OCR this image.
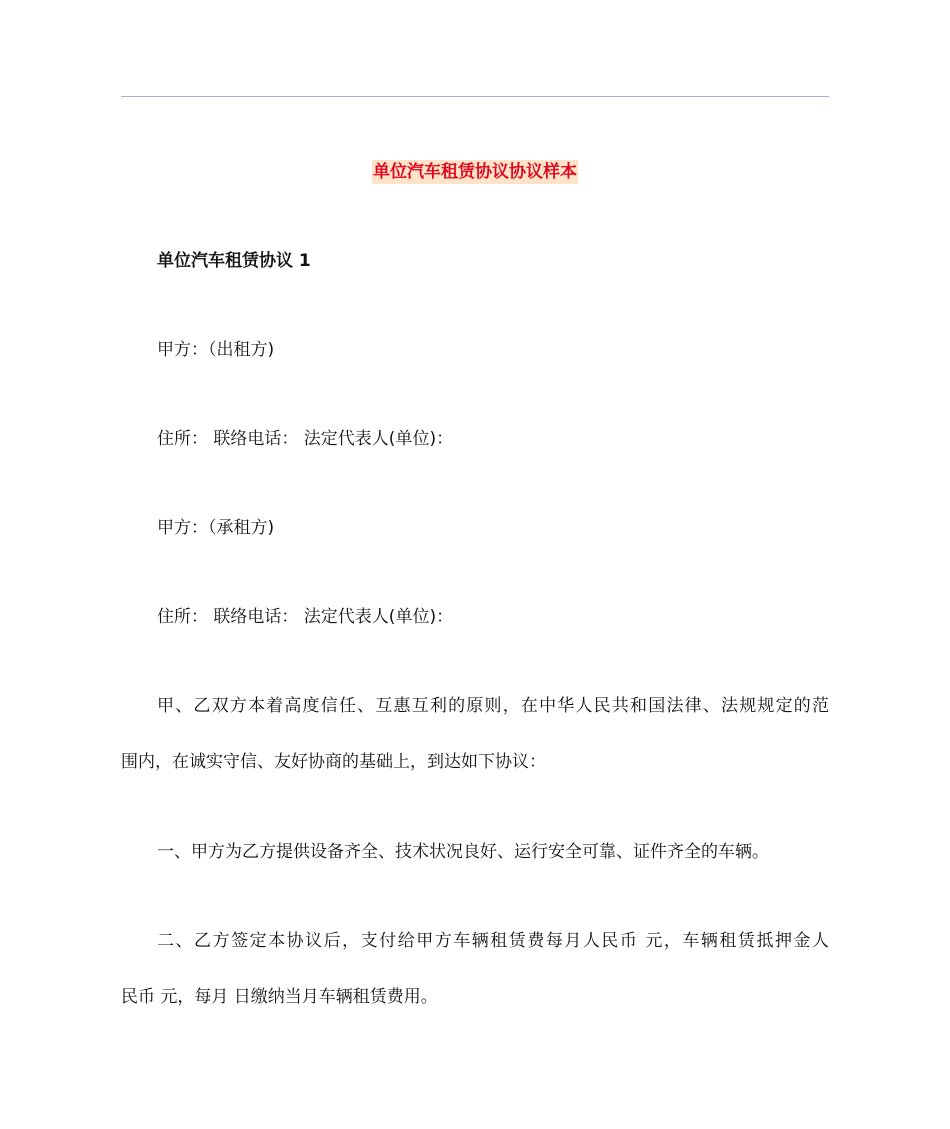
单位汽车租赁协议协议样本
单位汽车租赁协议 1
甲方：（出租方)
住所： 联络电话： 法定代表人(单位)：
甲方：（承租方)
住所： 联络电话： 法定代表人(单位)：
甲、乙双方本着高度信任、互惠互利的原则，在中华人民共和国法律、法规规定的范
围内，在诚实守信、友好协商的基础上，到达如下协议：
一、甲方为乙方提供设备齐全、技术状况良好、运行安全可靠、证件齐全的车辆。
二、乙方签定本协议后，支付给甲方车辆租赁费每月人民币 元，车辆租赁抵押金人
民币 元，每月 日缴纳当月车辆租赁费用。
